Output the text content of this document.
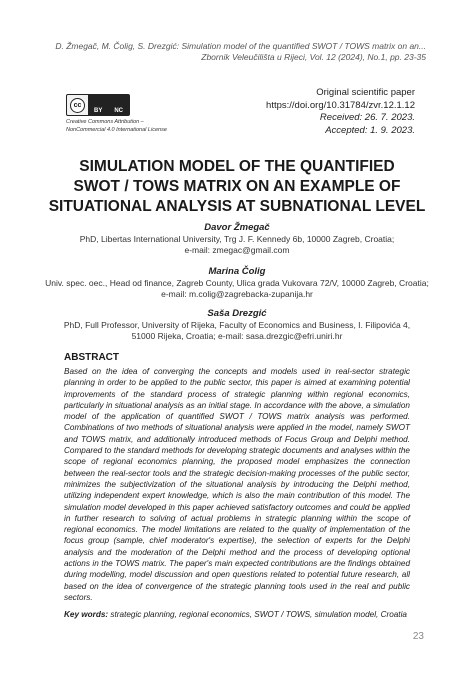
D. Žmegač, M. Čolig, S. Drezgić: Simulation model of the quantified SWOT / TOWS matrix on an...
Zbornik Veleučilišta u Rijeci, Vol. 12 (2024), No.1, pp. 23-35
cc
BY NC
Creative Commons Attribution –
NonCommercial 4.0 International License
Original scientific paper
https://doi.org/10.31784/zvr.12.1.12
Received: 26. 7. 2023.
Accepted: 1. 9. 2023.
SIMULATION MODEL OF THE QUANTIFIED
SWOT / TOWS MATRIX ON AN EXAMPLE OF
SITUATIONAL ANALYSIS AT SUBNATIONAL LEVEL
Davor Žmegač
PhD, Libertas International University, Trg J. F. Kennedy 6b, 10000 Zagreb, Croatia;
e-mail: zmegac@gmail.com
Marina Čolig
Univ. spec. oec., Head od finance, Zagreb County, Ulica grada Vukovara 72/V, 10000 Zagreb, Croatia;
e-mail: m.colig@zagrebacka-zupanija.hr
Saša Drezgić
PhD, Full Professor, University of Rijeka, Faculty of Economics and Business, I. Filipovića 4,
51000 Rijeka, Croatia; e-mail: sasa.drezgic@efri.uniri.hr
ABSTRACT
Based on the idea of converging the concepts and models used in real-sector strategic planning in order to be applied to the public sector, this paper is aimed at examining potential improvements of the standard process of strategic planning within regional economics, particularly in situational analysis as an initial stage. In accordance with the above, a simulation model of the application of quantified SWOT / TOWS matrix analysis was performed. Combinations of two methods of situational analysis were applied in the model, namely SWOT and TOWS matrix, and additionally introduced methods of Focus Group and Delphi method. Compared to the standard methods for developing strategic documents and analyses within the scope of regional economics planning, the proposed model emphasizes the connection between the real-sector tools and the strategic decision-making processes of the public sector, minimizes the subjectivization of the situational analysis by introducing the Delphi method, utilizing independent expert knowledge, which is also the main contribution of this model. The simulation model developed in this paper achieved satisfactory outcomes and could be applied in further research to solving of actual problems in strategic planning within the scope of regional economics. The model limitations are related to the quality of implementation of the focus group (sample, chief moderator's expertise), the selection of experts for the Delphi analysis and the moderation of the Delphi method and the process of developing optional actions in the TOWS matrix. The paper's main expected contributions are the findings obtained during modelling, model discussion and open questions related to potential future research, all based on the idea of convergence of the strategic planning tools used in the real and public sectors.
Key words: strategic planning, regional economics, SWOT / TOWS, simulation model, Croatia
23
